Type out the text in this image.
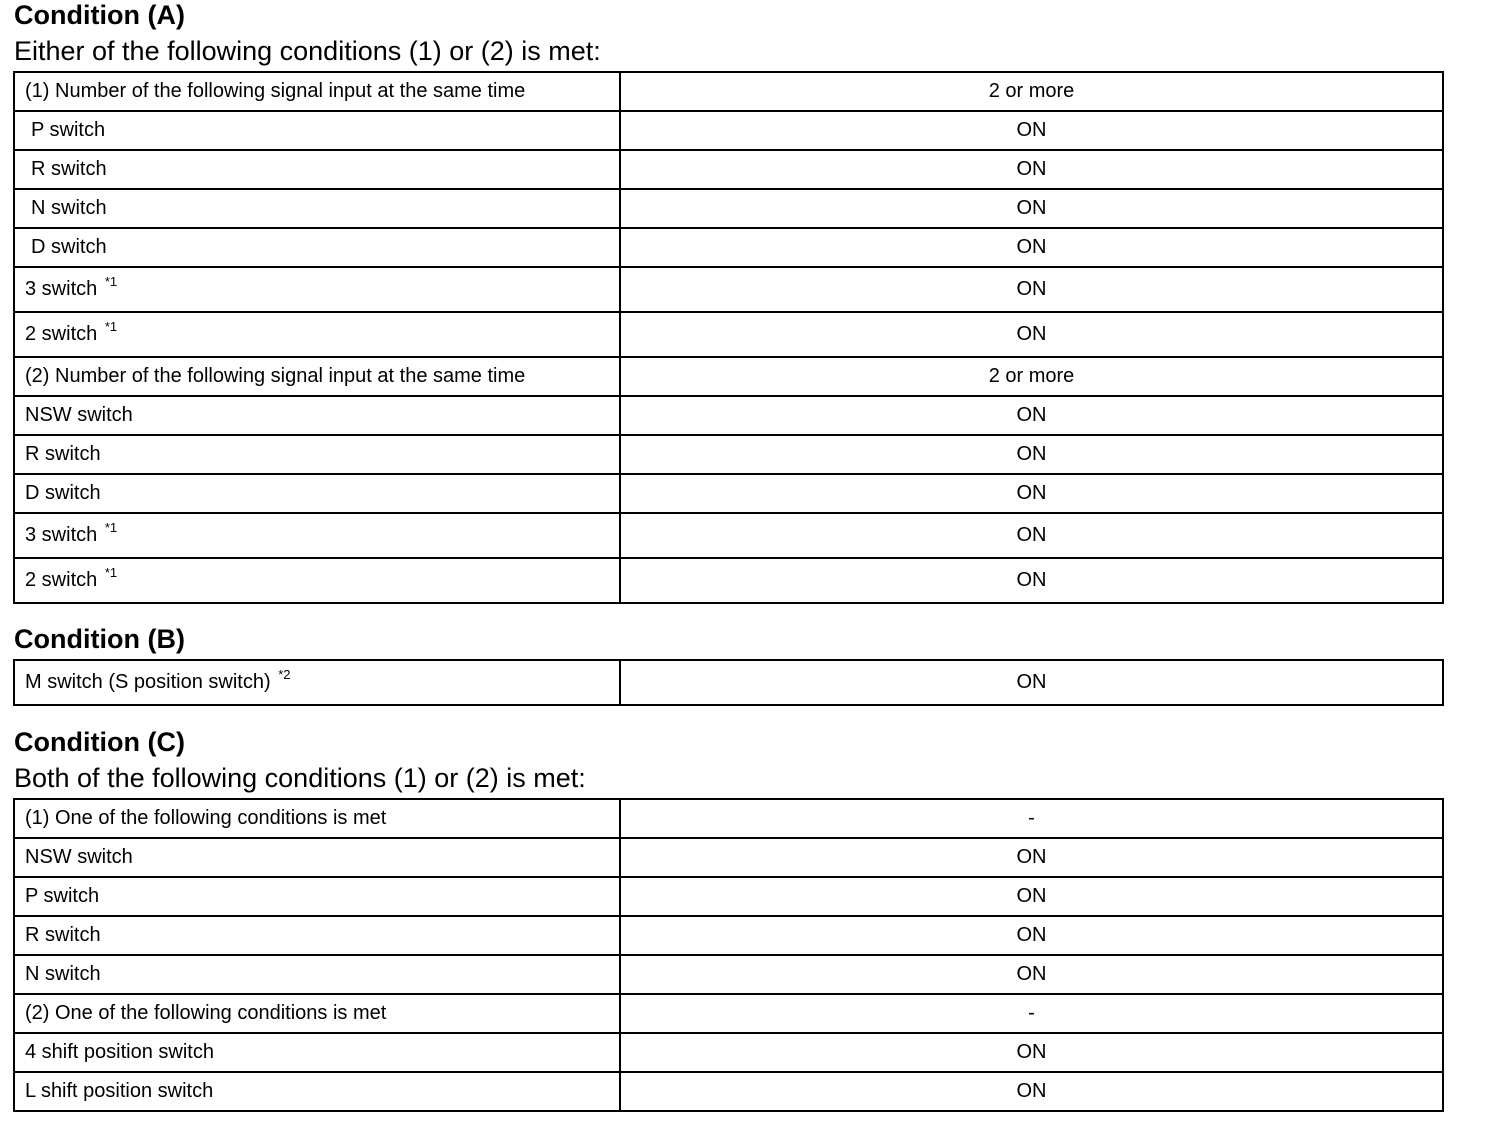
Condition (A)
Either of the following conditions (1) or (2) is met:
(1) Number of the following signal input at the same time	2 or more
P switch	ON
R switch	ON
N switch	ON
D switch	ON
3 switch $^{*1}$	ON
2 switch $^{*1}$	ON
(2) Number of the following signal input at the same time	2 or more
NSW switch	ON
R switch	ON
D switch	ON
3 switch $^{*1}$	ON
2 switch $^{*1}$	ON
Condition (B)
M switch (S position switch) $^{*2}$	ON
Condition (C)
Both of the following conditions (1) or (2) is met:
(1) One of the following conditions is met	-
NSW switch	ON
P switch	ON
R switch	ON
N switch	ON
(2) One of the following conditions is met	-
4 shift position switch	ON
L shift position switch	ON
